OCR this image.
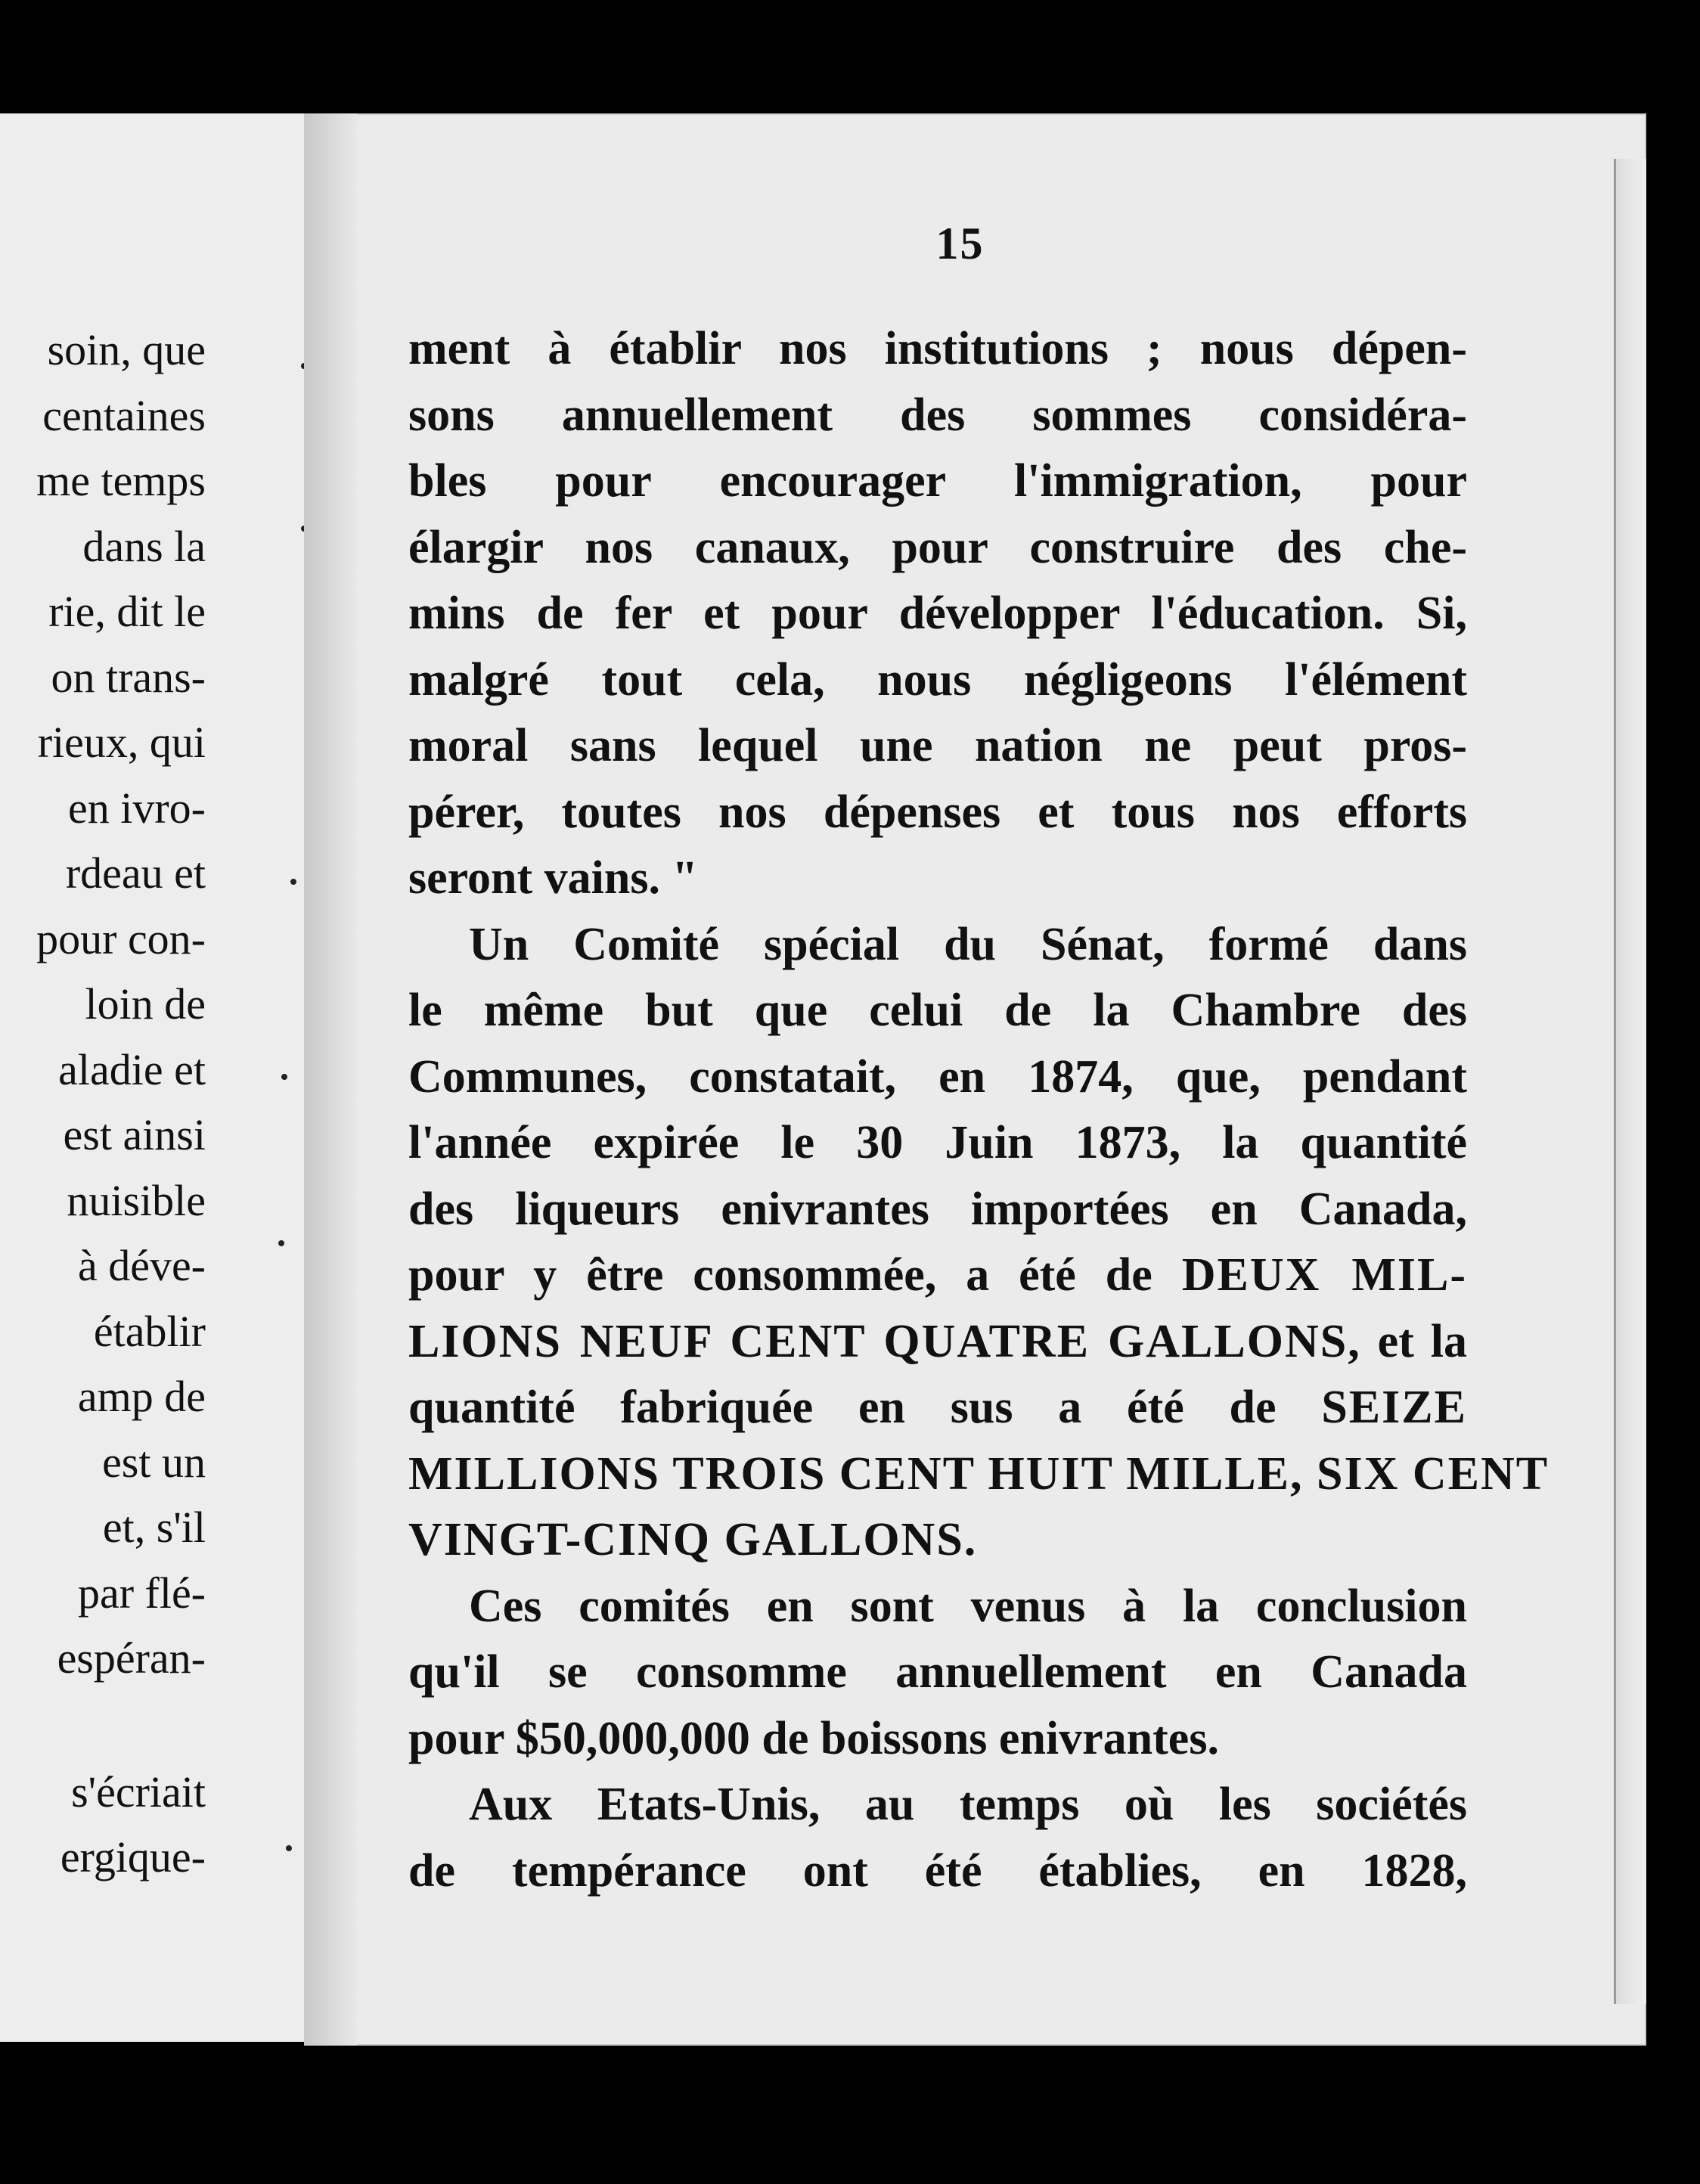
soin, que
centaines
me temps
dans la
rie, dit le
on trans-
rieux, qui
en ivro-
rdeau et
pour con-
loin de
aladie et
est ainsi
nuisible
à déve-
établir
amp de
est un
et, s'il
par flé-
espéran-
s'écriait
ergique-
15

ment à établir nos institutions ; nous dépen-
sons annuellement des sommes considéra-
bles pour encourager l'immigration, pour
élargir nos canaux, pour construire des che-
mins de fer et pour développer l'éducation. Si,
malgré tout cela, nous négligeons l'élément
moral sans lequel une nation ne peut pros-
pérer, toutes nos dépenses et tous nos efforts
seront vains. "

Un Comité spécial du Sénat, formé dans
le même but que celui de la Chambre des
Communes, constatait, en 1874, que, pendant
l'année expirée le 30 Juin 1873, la quantité
des liqueurs enivrantes importées en Canada,
pour y être consommée, a été de DEUX MIL-
LIONS NEUF CENT QUATRE GALLONS, et la
quantité fabriquée en sus a été de SEIZE
MILLIONS TROIS CENT HUIT MILLE, SIX CENT
VINGT-CINQ GALLONS.

Ces comités en sont venus à la conclusion
qu'il se consomme annuellement en Canada
pour $50,000,000 de boissons enivrantes.

Aux Etats-Unis, au temps où les sociétés
de tempérance ont été établies, en 1828,
